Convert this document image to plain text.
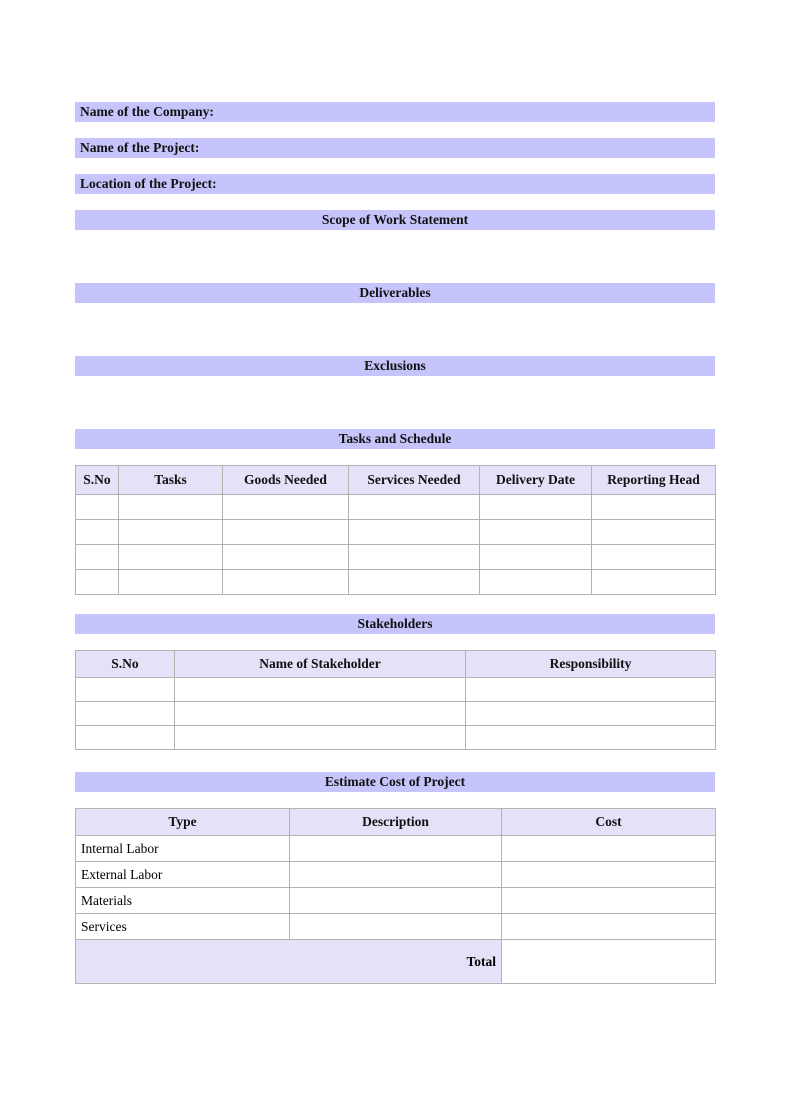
Name of the Company:
Name of the Project:
Location of the Project:
Scope of Work Statement
Deliverables
Exclusions
Tasks and Schedule
S.No	Tasks	Goods Needed	Services Needed	Delivery Date	Reporting Head

Stakeholders
S.No	Name of Stakeholder	Responsibility

Estimate Cost of Project
Type	Description	Cost
Internal Labor		
External Labor		
Materials		
Services		
Total		
